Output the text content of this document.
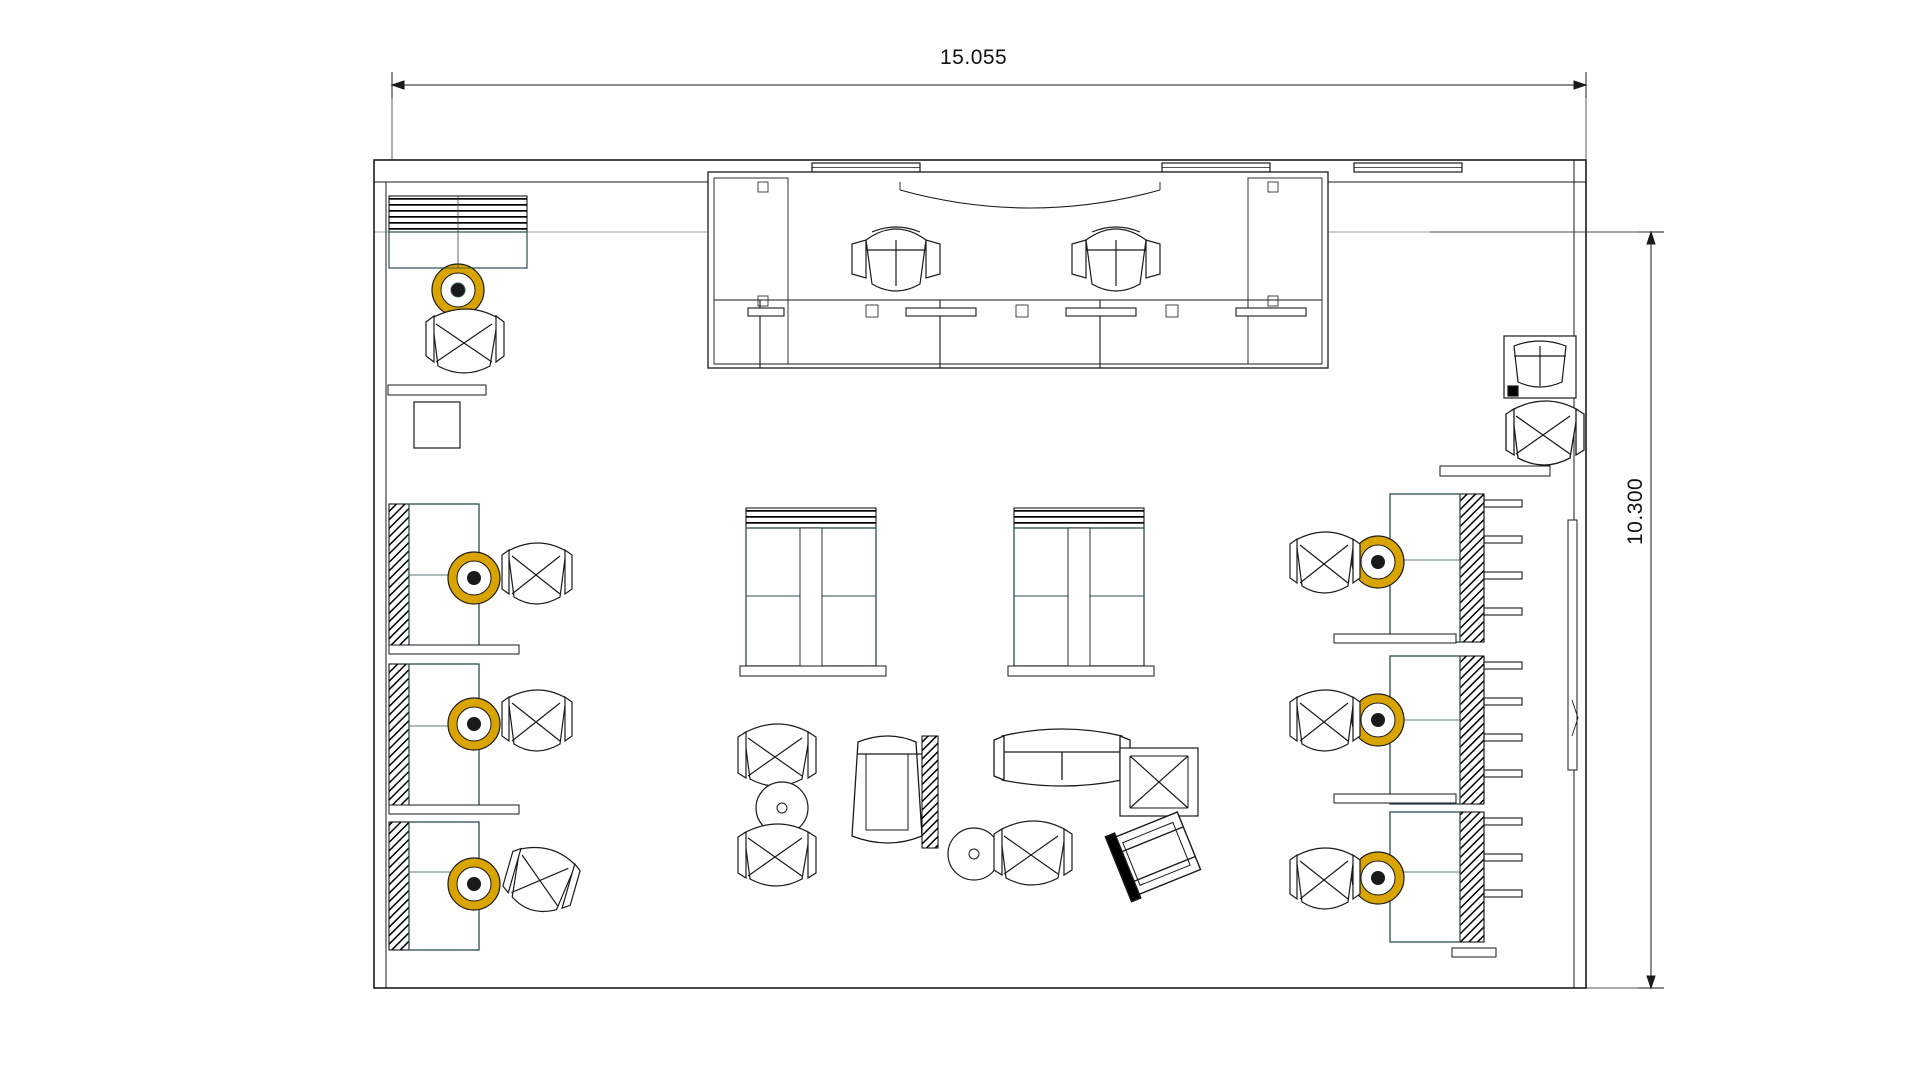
15.055
10.300
